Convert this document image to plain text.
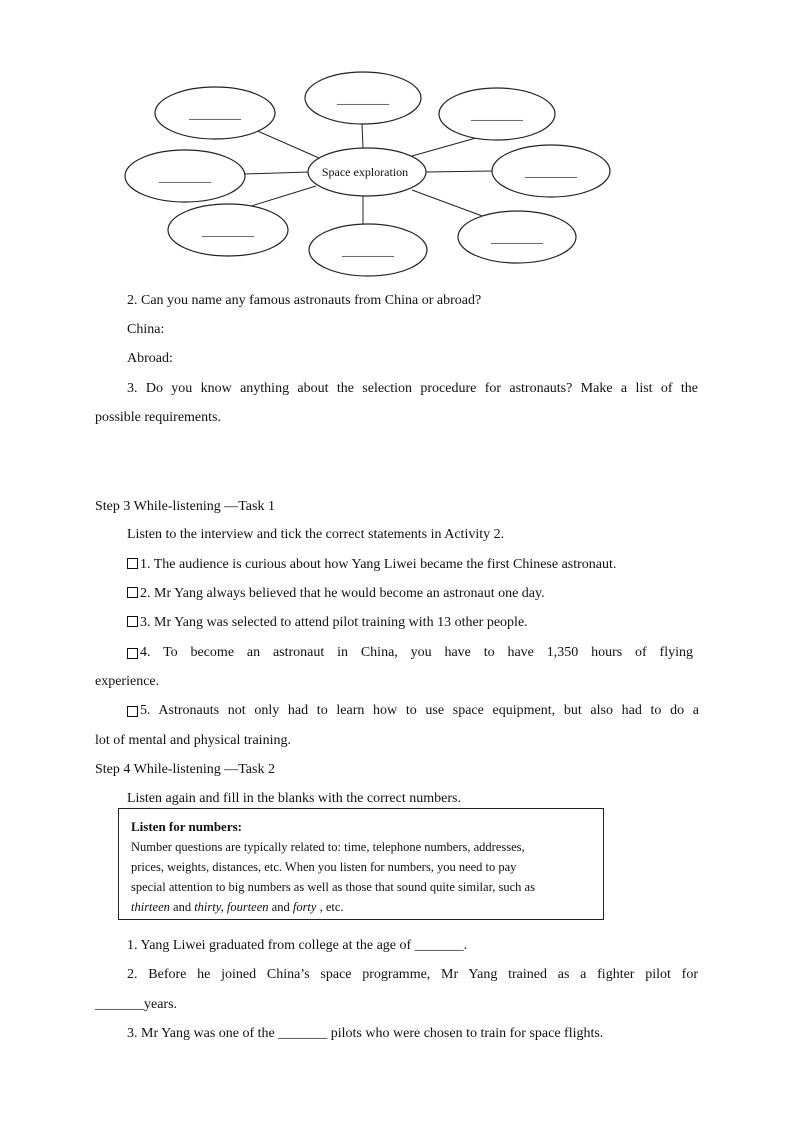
________
________
________
________
________
________
________
________	Space exploration
2. Can you name any famous astronauts from China or abroad?
China:
Abroad:
3. Do you know anything about the selection procedure for astronauts? Make a list of the
possible requirements.
Step 3 While-listening —Task 1
Listen to the interview and tick the correct statements in Activity 2.
1. The audience is curious about how Yang Liwei became the first Chinese astronaut.
2. Mr Yang always believed that he would become an astronaut one day.
3. Mr Yang was selected to attend pilot training with 13 other people.
4. To become an astronaut in China, you have to have 1,350 hours of flying
experience.
5. Astronauts not only had to learn how to use space equipment, but also had to do a
lot of mental and physical training.
Step 4 While-listening —Task 2
Listen again and fill in the blanks with the correct numbers.
Listen for numbers:
Number questions are typically related to: time, telephone numbers, addresses,
prices, weights, distances, etc. When you listen for numbers, you need to pay
special attention to big numbers as well as those that sound quite similar, such as
thirteen and thirty, fourteen and forty , etc.
1. Yang Liwei graduated from college at the age of _______.
2. Before he joined China’s space programme, Mr Yang trained as a fighter pilot for
_______years.
3. Mr Yang was one of the _______ pilots who were chosen to train for space flights.
